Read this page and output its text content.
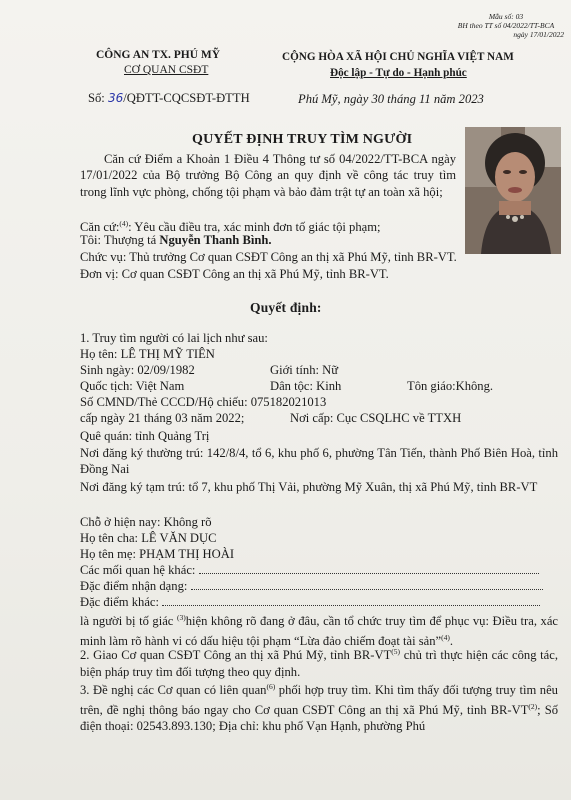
Mẫu số: 03
BH theo TT số 04/2022/TT-BCA
ngày 17/01/2022
CÔNG AN TX. PHÚ MỸ
CƠ QUAN CSĐT
CỘNG HÒA XÃ HỘI CHỦ NGHĨA VIỆT NAM
Độc lập - Tự do - Hạnh phúc
Số: 36/QĐTT-CQCSĐT-ĐTTH	Phú Mỹ, ngày 30 tháng 11 năm 2023
QUYẾT ĐỊNH TRUY TÌM NGƯỜI
Căn cứ Điểm a Khoản 1 Điều 4 Thông tư số 04/2022/TT-BCA ngày 17/01/2022 của Bộ trưởng Bộ Công an quy định về công tác truy tìm trong lĩnh vực phòng, chống tội phạm và bảo đảm trật tự an toàn xã hội;
Căn cứ:$^{(4)}$: Yêu cầu điều tra, xác minh đơn tố giác tội phạm;
Tôi: Thượng tá Nguyễn Thanh Bình.
Chức vụ: Thủ trưởng Cơ quan CSĐT Công an thị xã Phú Mỹ, tỉnh BR-VT.
Đơn vị: Cơ quan CSĐT Công an thị xã Phú Mỹ, tỉnh BR-VT.
Quyết định:
1. Truy tìm người có lai lịch như sau:
Họ tên: LÊ THỊ MỸ TIÊN
Sinh ngày: 02/09/1982	Giới tính: Nữ
Quốc tịch: Việt Nam	Dân tộc: Kinh	Tôn giáo:Không.
Số CMND/Thẻ CCCD/Hộ chiếu: 075182021013
cấp ngày 21 tháng 03 năm 2022;	Nơi cấp: Cục CSQLHC về TTXH
Quê quán: tỉnh Quảng Trị
Nơi đăng ký thường trú: 142/8/4, tổ 6, khu phố 6, phường Tân Tiến, thành Phố Biên Hoà, tỉnh Đồng Nai
Nơi đăng ký tạm trú: tổ 7, khu phố Thị Vải, phường Mỹ Xuân, thị xã Phú Mỹ, tỉnh BR-VT
Chỗ ở hiện nay: Không rõ
Họ tên cha: LÊ VĂN DỤC
Họ tên mẹ: PHẠM THỊ HOÀI
Các mối quan hệ khác:
Đặc điểm nhận dạng:
Đặc điểm khác:
là người bị tố giác $^{(3)}$hiện không rõ đang ở đâu, cần tổ chức truy tìm để phục vụ: Điều tra, xác minh làm rõ hành vi có dấu hiệu tội phạm “Lừa đảo chiếm đoạt tài sản”$^{(4)}$.
2. Giao Cơ quan CSĐT Công an thị xã Phú Mỹ, tỉnh BR-VT$^{(5)}$ chủ trì thực hiện các công tác, biện pháp truy tìm đối tượng theo quy định.
3. Đề nghị các Cơ quan có liên quan$^{(6)}$ phối hợp truy tìm. Khi tìm thấy đối tượng truy tìm nêu trên, đề nghị thông báo ngay cho Cơ quan CSĐT Công an thị xã Phú Mỹ, tỉnh BR-VT$^{(2)}$; Số điện thoại: 02543.893.130; Địa chỉ: khu phố Vạn Hạnh, phường Phú
